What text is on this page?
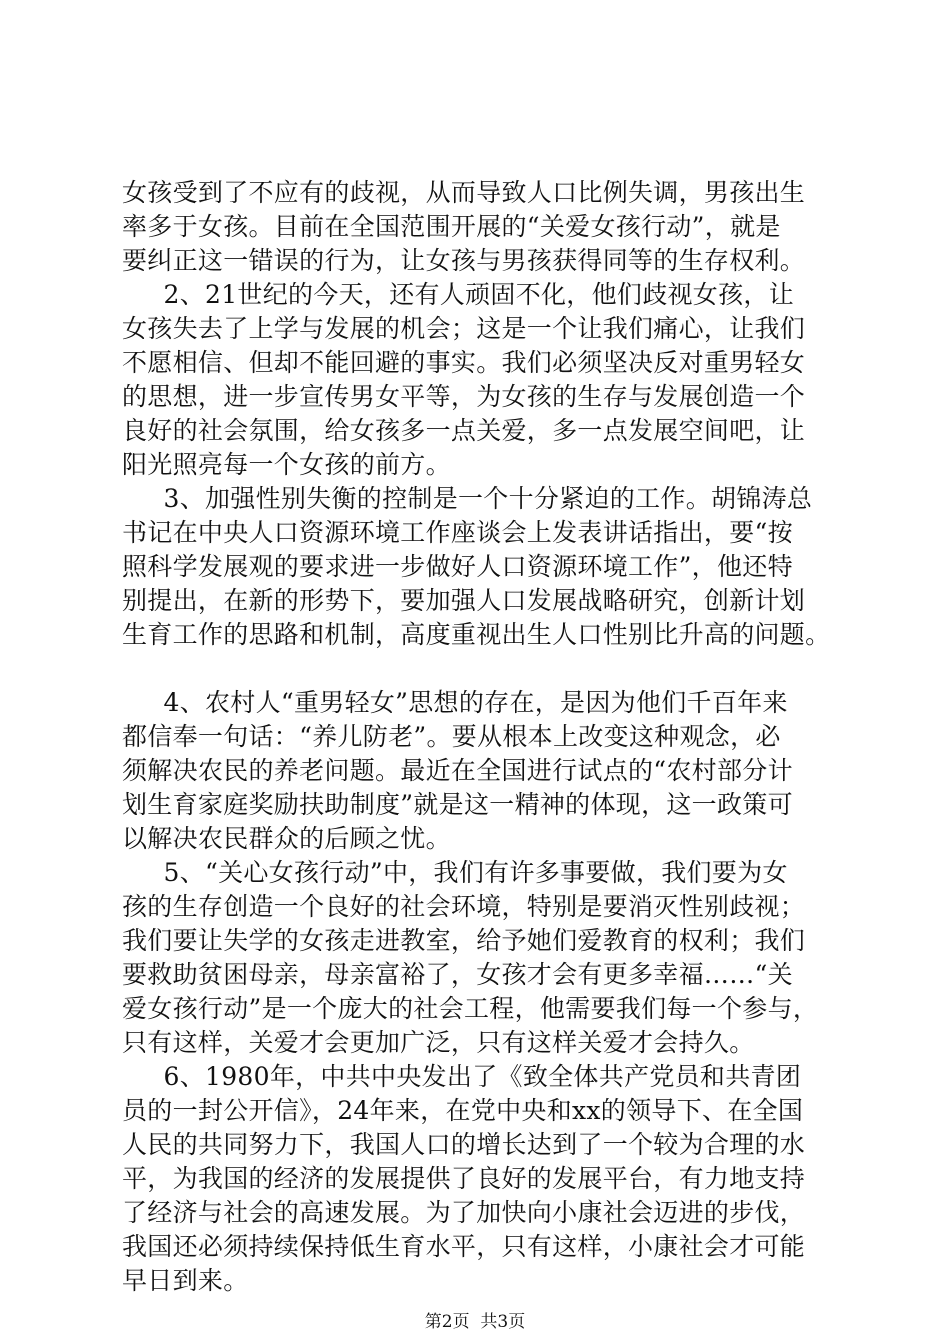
女孩受到了不应有的歧视，从而导致人口比例失调，男孩出生
率多于女孩。目前在全国范围开展的“关爱女孩行动”，就是
要纠正这一错误的行为，让女孩与男孩获得同等的生存权利。
2、21世纪的今天，还有人顽固不化，他们歧视女孩，让
女孩失去了上学与发展的机会；这是一个让我们痛心，让我们
不愿相信、但却不能回避的事实。我们必须坚决反对重男轻女
的思想，进一步宣传男女平等，为女孩的生存与发展创造一个
良好的社会氛围，给女孩多一点关爱，多一点发展空间吧，让
阳光照亮每一个女孩的前方。
3、加强性别失衡的控制是一个十分紧迫的工作。胡锦涛总
书记在中央人口资源环境工作座谈会上发表讲话指出，要“按
照科学发展观的要求进一步做好人口资源环境工作”，他还特
别提出，在新的形势下，要加强人口发展战略研究，创新计划
生育工作的思路和机制，高度重视出生人口性别比升高的问题。
4、农村人“重男轻女”思想的存在，是因为他们千百年来
都信奉一句话：“养儿防老”。要从根本上改变这种观念，必
须解决农民的养老问题。最近在全国进行试点的“农村部分计
划生育家庭奖励扶助制度”就是这一精神的体现，这一政策可
以解决农民群众的后顾之忧。
5、“关心女孩行动”中，我们有许多事要做，我们要为女
孩的生存创造一个良好的社会环境，特别是要消灭性别歧视；
我们要让失学的女孩走进教室，给予她们爱教育的权利；我们
要救助贫困母亲，母亲富裕了，女孩才会有更多幸福……“关
爱女孩行动”是一个庞大的社会工程，他需要我们每一个参与，
只有这样，关爱才会更加广泛，只有这样关爱才会持久。
6、1980年，中共中央发出了《致全体共产党员和共青团
员的一封公开信》，24年来，在党中央和xx的领导下、在全国
人民的共同努力下，我国人口的增长达到了一个较为合理的水
平，为我国的经济的发展提供了良好的发展平台，有力地支持
了经济与社会的高速发展。为了加快向小康社会迈进的步伐，
我国还必须持续保持低生育水平，只有这样，小康社会才可能
早日到来。
第2页  共3页
